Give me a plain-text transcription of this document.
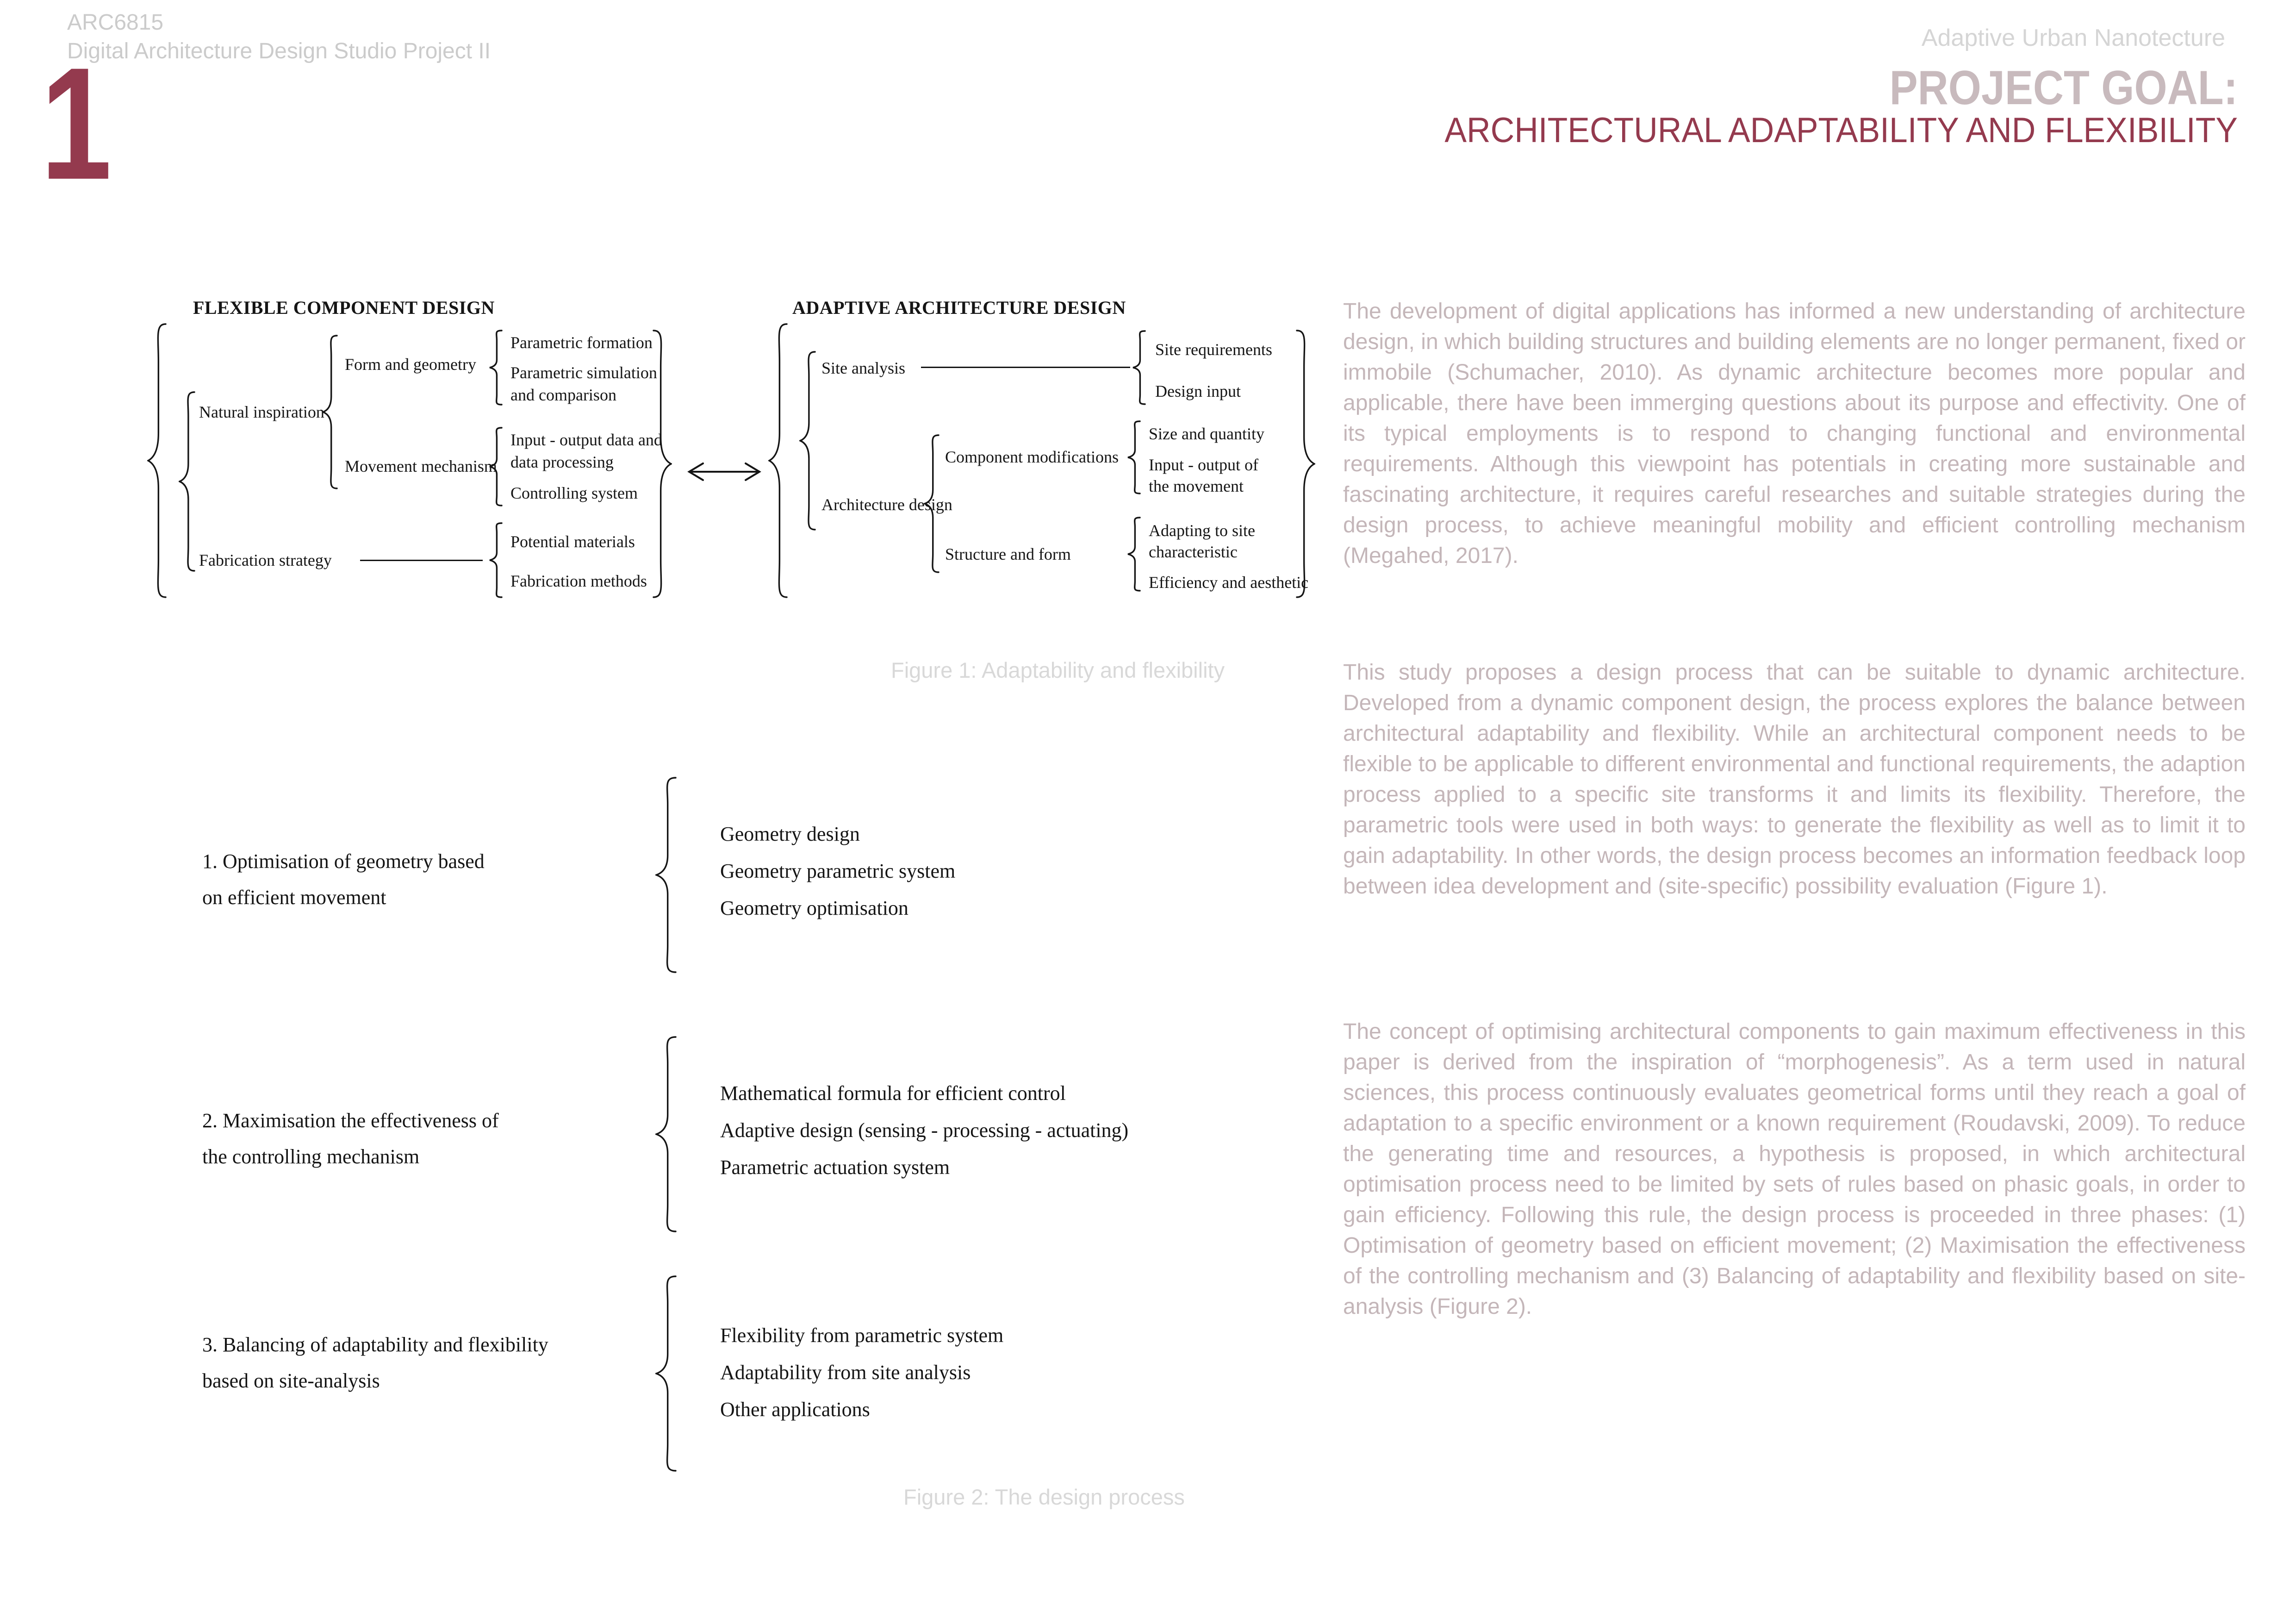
ARC6815
Digital Architecture Design Studio Project II
1	Adaptive Urban Nanotecture
PROJECT GOAL:
ARCHITECTURAL ADAPTABILITY AND FLEXIBILITY
FLEXIBLE COMPONENT DESIGN
Natural inspiration
Fabrication strategy
Form and geometry
Movement mechanism
Parametric formation
Parametric simulation
and comparison
Input - output data and
data processing
Controlling system
Potential materials
Fabrication methods
ADAPTIVE ARCHITECTURE DESIGN
Site analysis
Architecture design
Component modifications
Structure and form
Site requirements
Design input
Size and quantity
Input - output of
the movement
Adapting to site
characteristic
Efficiency and aesthetic
Figure 1: Adaptability and flexibility
1. Optimisation of geometry based
on efficient movement
Geometry design
Geometry parametric system
Geometry optimisation
2. Maximisation the effectiveness of
the controlling mechanism
Mathematical formula for efficient control
Adaptive design (sensing - processing - actuating)
Parametric actuation system
3. Balancing of adaptability and flexibility
based on site-analysis
Flexibility from parametric system
Adaptability from site analysis
Other applications
Figure 2: The design process

The development of digital applications has informed a new understanding of architecture design, in which building structures and building elements are no longer permanent, fixed or immobile (Schumacher, 2010). As dynamic architecture becomes more popular and applicable, there have been immerging questions about its purpose and effectivity. One of its typical employments is to respond to changing functional and environmental requirements. Although this viewpoint has potentials in creating more sustainable and fascinating architecture, it requires careful researches and suitable strategies during the design process, to achieve meaningful mobility and efficient controlling mechanism (Megahed, 2017).

This study proposes a design process that can be suitable to dynamic architecture. Developed from a dynamic component design, the process explores the balance between architectural adaptability and flexibility. While an architectural component needs to be flexible to be applicable to different environmental and functional requirements, the adaption process applied to a specific site transforms it and limits its flexibility. Therefore, the parametric tools were used in both ways: to generate the flexibility as well as to limit it to gain adaptability. In other words, the design process becomes an information feedback loop between idea development and (site-specific) possibility evaluation (Figure 1).

The concept of optimising architectural components to gain maximum effectiveness in this paper is derived from the inspiration of “morphogenesis”. As a term used in natural sciences, this process continuously evaluates geometrical forms until they reach a goal of adaptation to a specific environment or a known requirement (Roudavski, 2009). To reduce the generating time and resources, a hypothesis is proposed, in which architectural optimisation process need to be limited by sets of rules based on phasic goals, in order to gain efficiency. Following this rule, the design process is proceeded in three phases: (1) Optimisation of geometry based on efficient movement; (2) Maximisation the effectiveness of the controlling mechanism and (3) Balancing of adaptability and flexibility based on site-analysis (Figure 2).
